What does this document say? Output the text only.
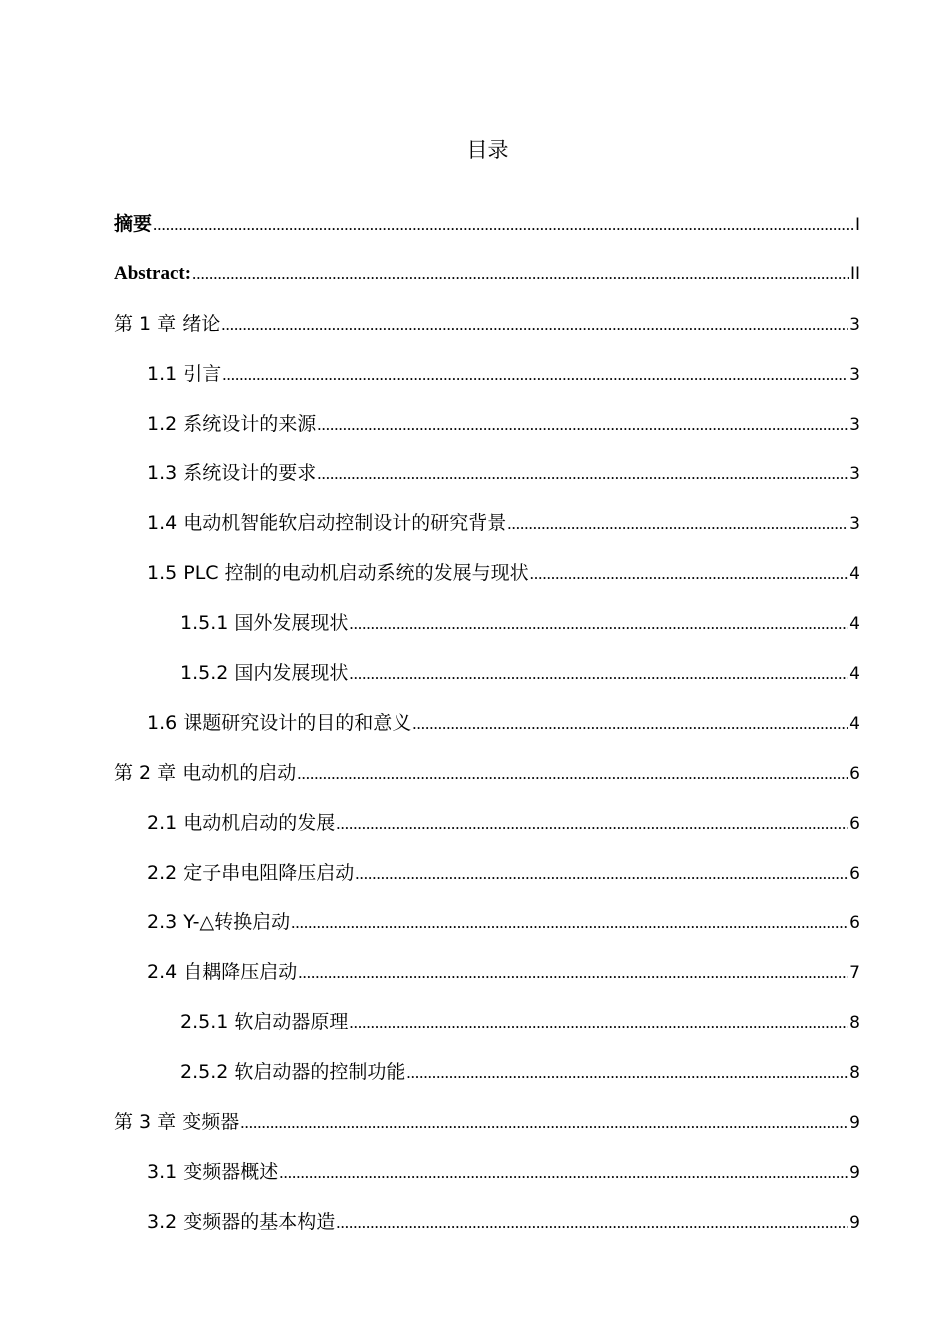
目录
摘要 .....	I
Abstract: .....	II
第 1 章 绪论 .....	3
1.1 引言 .....	3
1.2 系统设计的来源 .....	3
1.3 系统设计的要求 .....	3
1.4 电动机智能软启动控制设计的研究背景 .....	3
1.5 PLC 控制的电动机启动系统的发展与现状 .....	4
1.5.1 国外发展现状 .....	4
1.5.2 国内发展现状 .....	4
1.6 课题研究设计的目的和意义 .....	4
第 2 章 电动机的启动 .....	6
2.1 电动机启动的发展 .....	6
2.2 定子串电阻降压启动 .....	6
2.3 Y-△转换启动 .....	6
2.4 自耦降压启动 .....	7
2.5.1 软启动器原理 .....	8
2.5.2 软启动器的控制功能 .....	8
第 3 章 变频器 .....	9
3.1 变频器概述 .....	9
3.2 变频器的基本构造 .....	9
